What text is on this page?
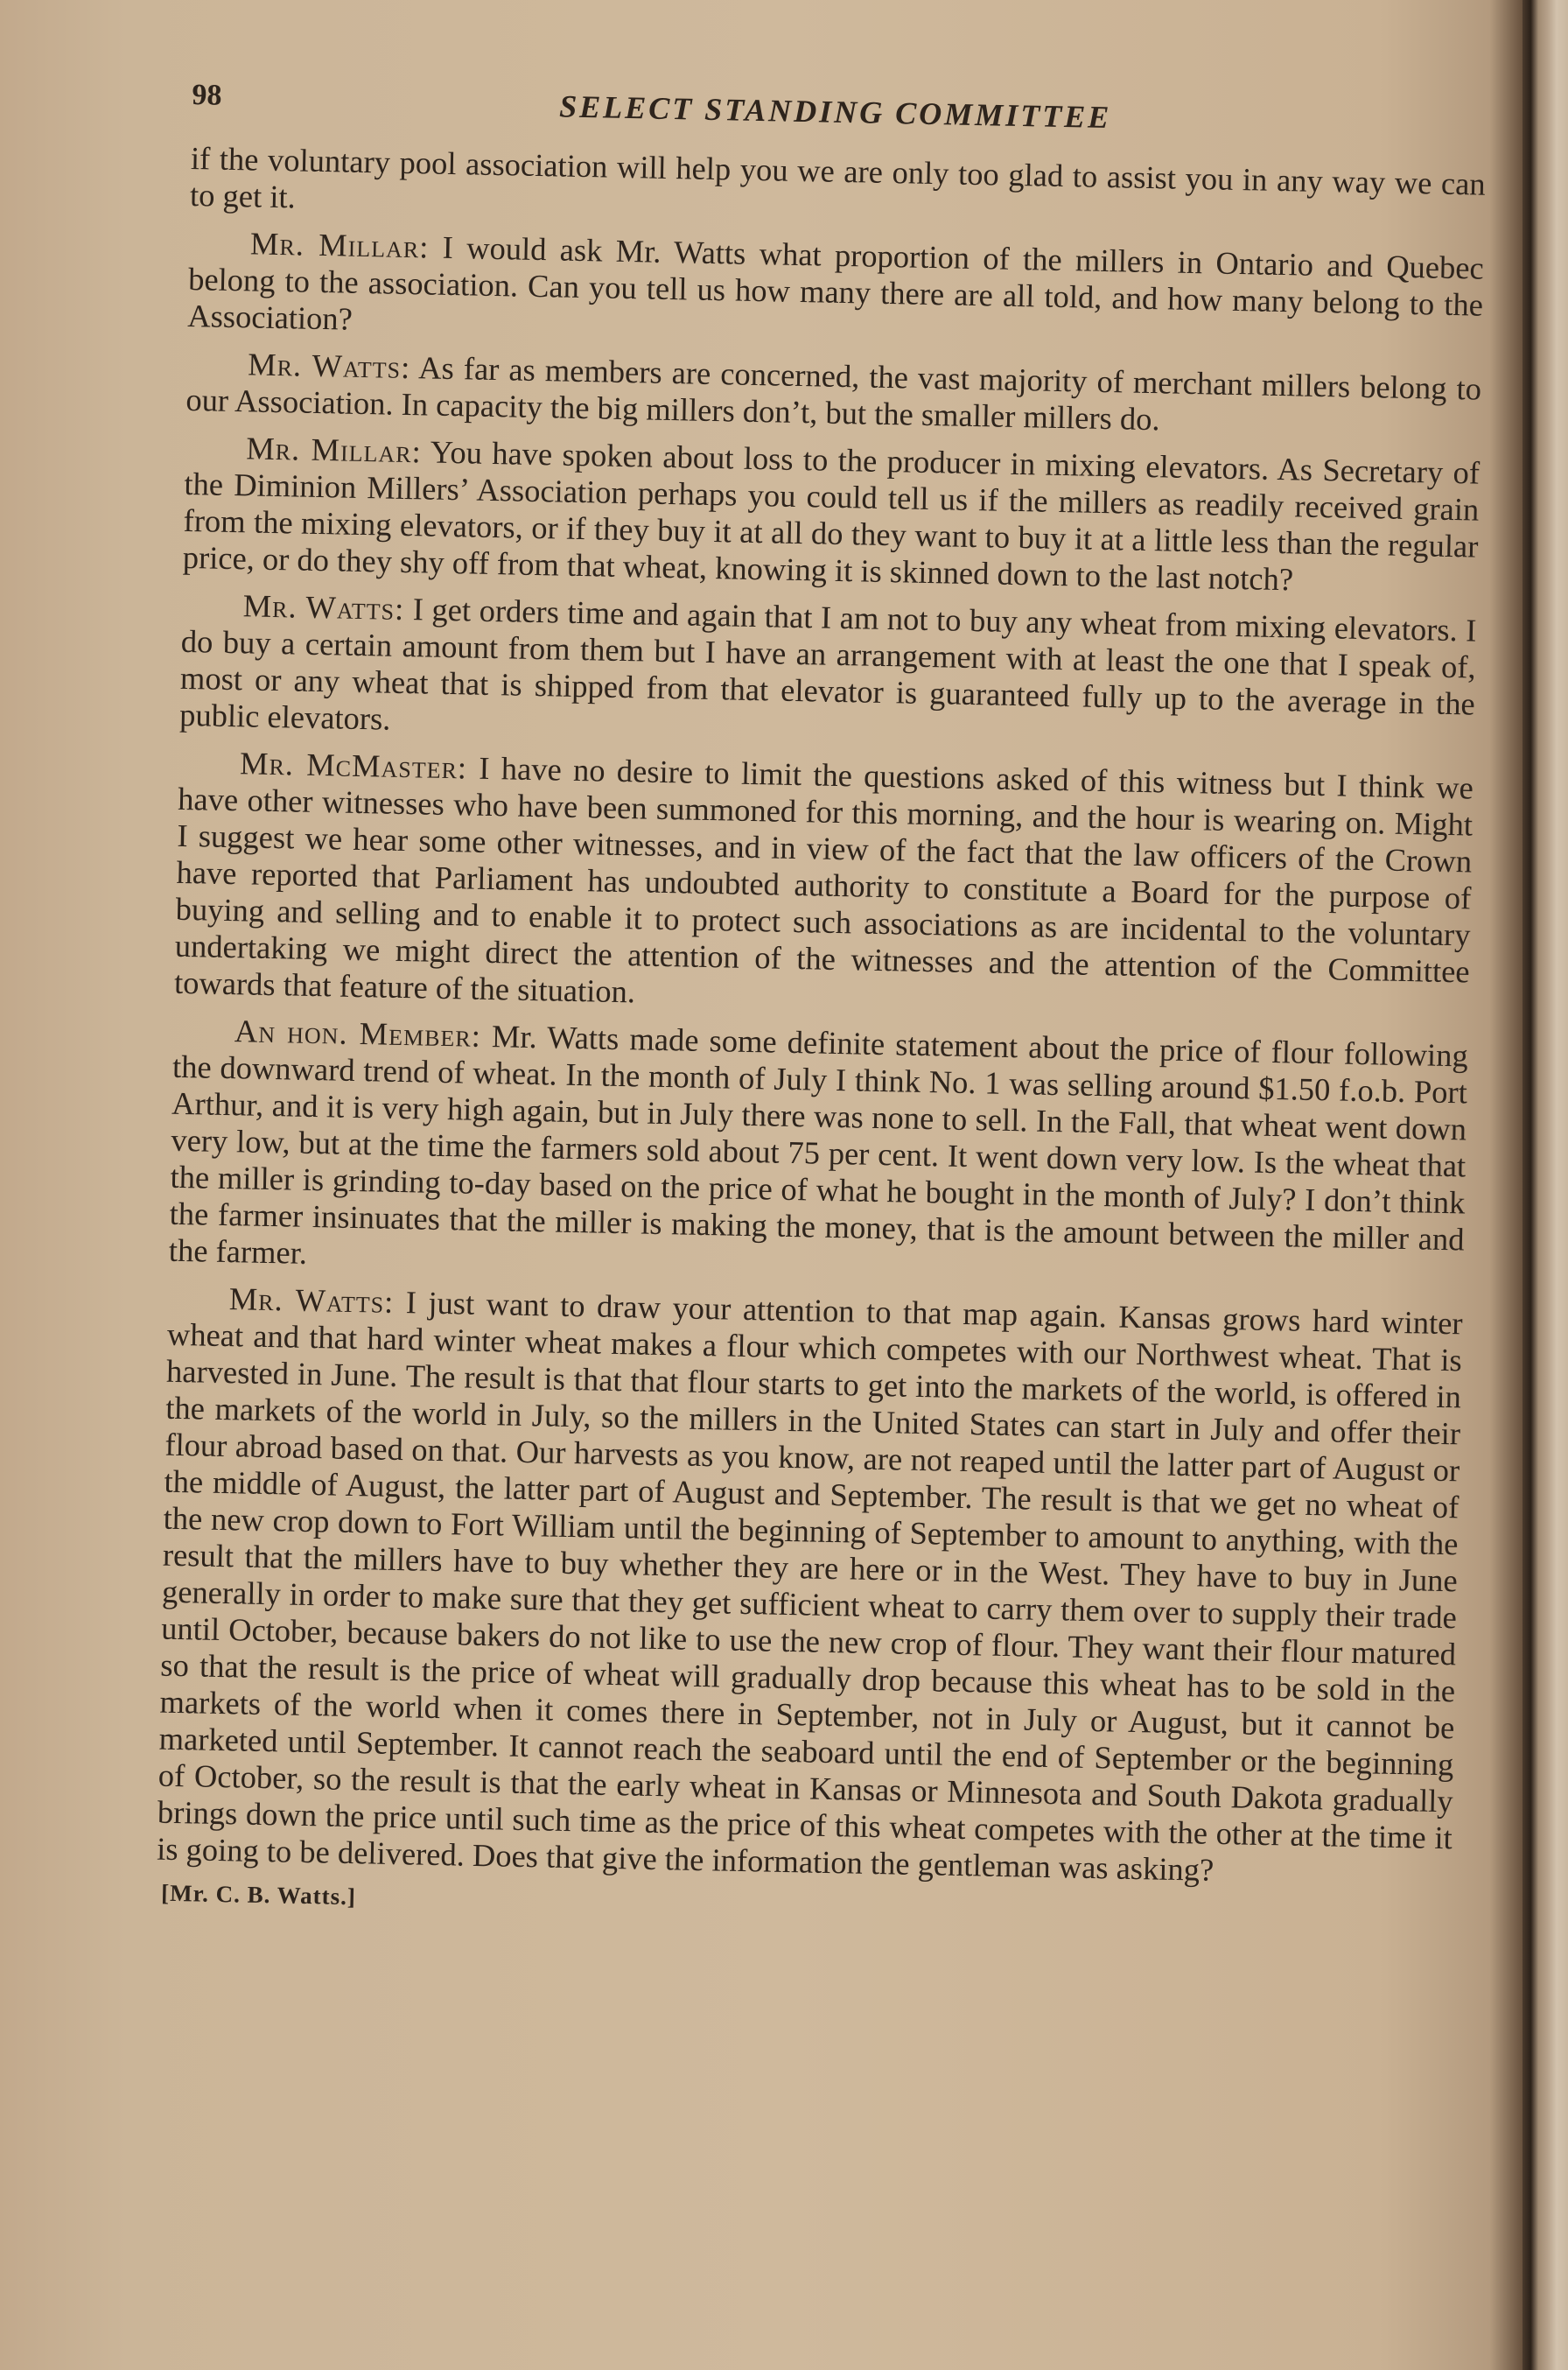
98	SELECT STANDING COMMITTEE

if the voluntary pool association will help you we are only too glad to assist you in any way we can to get it.

Mr. Millar: I would ask Mr. Watts what proportion of the millers in Ontario and Quebec belong to the association. Can you tell us how many there are all told, and how many belong to the Association?

Mr. Watts: As far as members are concerned, the vast majority of merchant millers belong to our Association. In capacity the big millers don’t, but the smaller millers do.

Mr. Millar: You have spoken about loss to the producer in mixing elevators. As Secretary of the Diminion Millers’ Association perhaps you could tell us if the millers as readily received grain from the mixing elevators, or if they buy it at all do they want to buy it at a little less than the regular price, or do they shy off from that wheat, knowing it is skinned down to the last notch?

Mr. Watts: I get orders time and again that I am not to buy any wheat from mixing elevators. I do buy a certain amount from them but I have an arrangement with at least the one that I speak of, most or any wheat that is shipped from that elevator is guaranteed fully up to the average in the public elevators.

Mr. McMaster: I have no desire to limit the questions asked of this witness but I think we have other witnesses who have been summoned for this morning, and the hour is wearing on. Might I suggest we hear some other witnesses, and in view of the fact that the law officers of the Crown have reported that Parliament has undoubted authority to constitute a Board for the purpose of buying and selling and to enable it to protect such associations as are incidental to the voluntary undertaking we might direct the attention of the witnesses and the attention of the Committee towards that feature of the situation.

An hon. Member: Mr. Watts made some definite statement about the price of flour following the downward trend of wheat. In the month of July I think No. 1 was selling around $1.50 f.o.b. Port Arthur, and it is very high again, but in July there was none to sell. In the Fall, that wheat went down very low, but at the time the farmers sold about 75 per cent. It went down very low. Is the wheat that the miller is grinding to-day based on the price of what he bought in the month of July? I don’t think the farmer insinuates that the miller is making the money, that is the amount between the miller and the farmer.

Mr. Watts: I just want to draw your attention to that map again. Kansas grows hard winter wheat and that hard winter wheat makes a flour which competes with our Northwest wheat. That is harvested in June. The result is that that flour starts to get into the markets of the world, is offered in the markets of the world in July, so the millers in the United States can start in July and offer their flour abroad based on that. Our harvests as you know, are not reaped until the latter part of August or the middle of August, the latter part of August and September. The result is that we get no wheat of the new crop down to Fort William until the beginning of September to amount to anything, with the result that the millers have to buy whether they are here or in the West. They have to buy in June generally in order to make sure that they get sufficient wheat to carry them over to supply their trade until October, because bakers do not like to use the new crop of flour. They want their flour matured so that the result is the price of wheat will gradually drop because this wheat has to be sold in the markets of the world when it comes there in September, not in July or August, but it cannot be marketed until September. It cannot reach the seaboard until the end of September or the beginning of October, so the result is that the early wheat in Kansas or Minnesota and South Dakota gradually brings down the price until such time as the price of this wheat competes with the other at the time it is going to be delivered. Does that give the information the gentleman was asking?

[Mr. C. B. Watts.]
